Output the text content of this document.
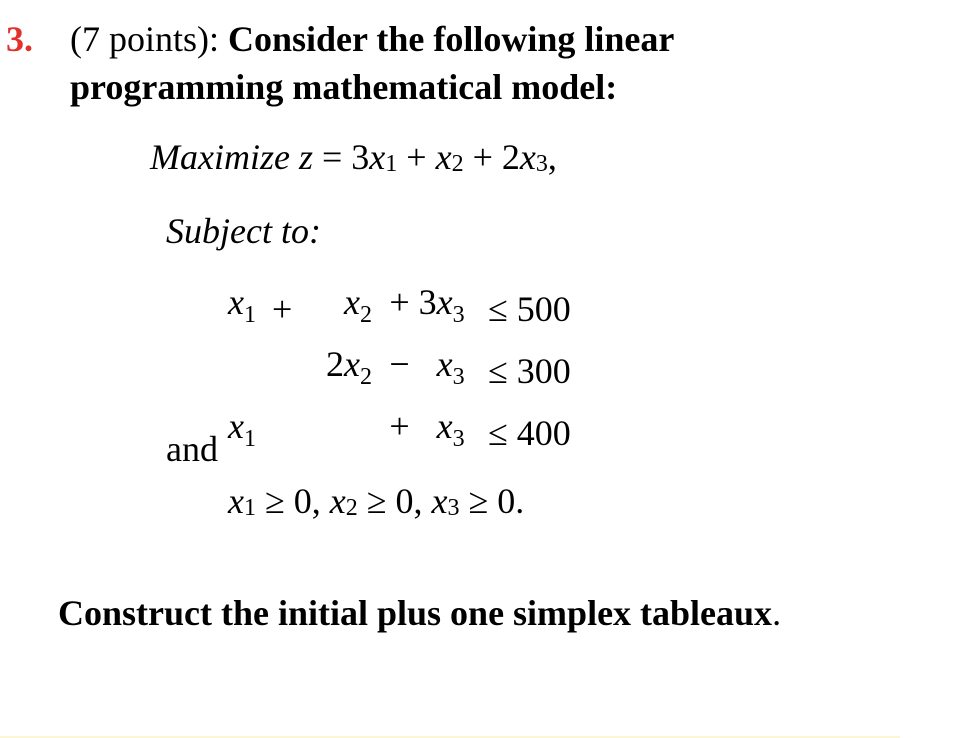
3. (7 points): Consider the following linear
programming mathematical model:
Maximize $z = 3x_1 + x_2 + 2x_3$,
Subject to:
$x_1$	+	$x_2$	+ $3x_3$	≤ 500
		$2x_2$	−   $x_3$	≤ 300
$x_1$			+   $x_3$	≤ 400
and
$x_1 \ge 0$, $x_2 \ge 0$, $x_3 \ge 0$.
Construct the initial plus one simplex tableaux.
